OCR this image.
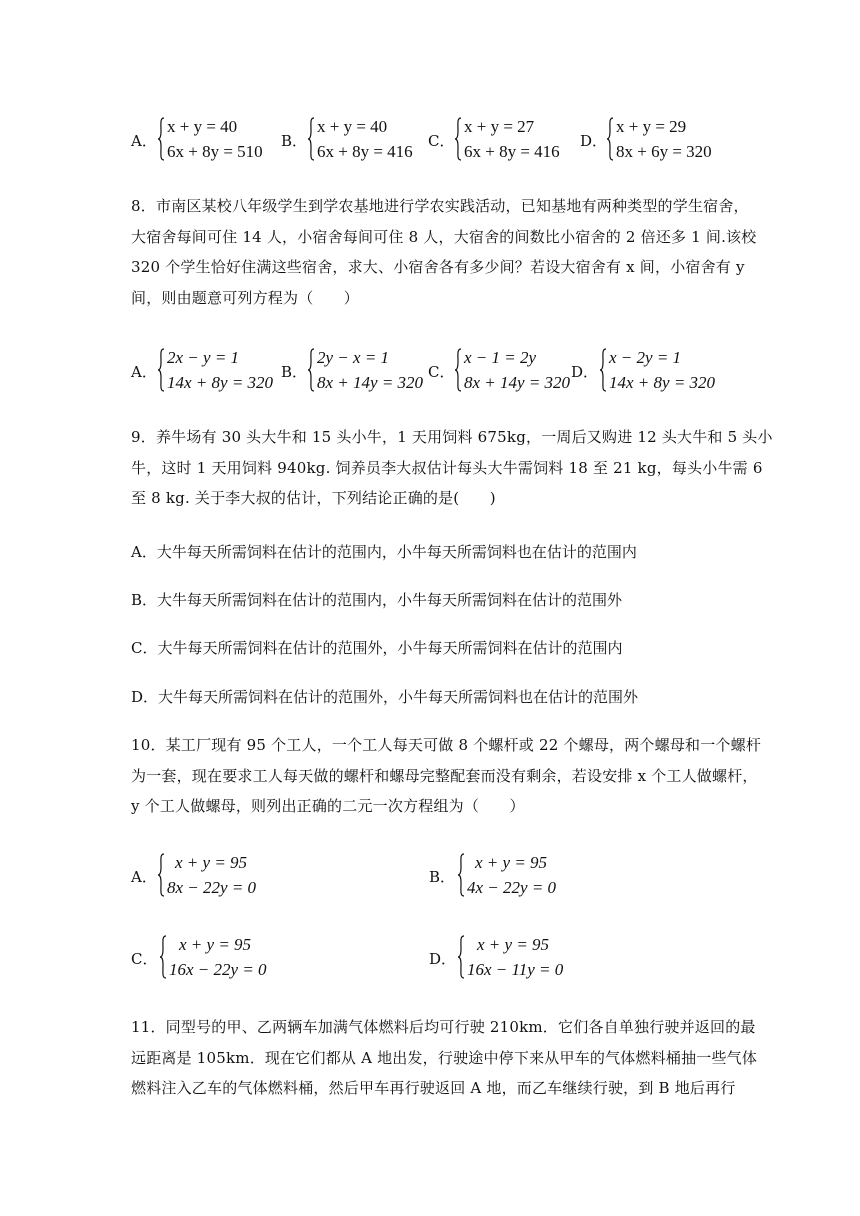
A．
x + y = 40
6x + 8y = 510
B．
x + y = 40
6x + 8y = 416
C．
x + y = 27
6x + 8y = 416
D．
x + y = 29
8x + 6y = 320
8．市南区某校八年级学生到学农基地进行学农实践活动，已知基地有两种类型的学生宿舍，
大宿舍每间可住 14 人，小宿舍每间可住 8 人，大宿舍的间数比小宿舍的 2 倍还多 1 间.该校
320 个学生恰好住满这些宿舍，求大、小宿舍各有多少间？若设大宿舍有 x 间，小宿舍有 y
间，则由题意可列方程为（　　）
A．
2x − y = 1
14x + 8y = 320
B．
2y − x = 1
8x + 14y = 320
C．
x − 1 = 2y
8x + 14y = 320
D．
x − 2y = 1
14x + 8y = 320
9．养牛场有 30 头大牛和 15 头小牛，1 天用饲料 675kg，一周后又购进 12 头大牛和 5 头小
牛，这时 1 天用饲料 940kg. 饲养员李大叔估计每头大牛需饲料 18 至 21 kg，每头小牛需 6
至 8 kg. 关于李大叔的估计，下列结论正确的是(　　)
A．大牛每天所需饲料在估计的范围内，小牛每天所需饲料也在估计的范围内
B．大牛每天所需饲料在估计的范围内，小牛每天所需饲料在估计的范围外
C．大牛每天所需饲料在估计的范围外，小牛每天所需饲料在估计的范围内
D．大牛每天所需饲料在估计的范围外，小牛每天所需饲料也在估计的范围外
10．某工厂现有 95 个工人，一个工人每天可做 8 个螺杆或 22 个螺母，两个螺母和一个螺杆
为一套，现在要求工人每天做的螺杆和螺母完整配套而没有剩余，若设安排 x 个工人做螺杆，
y 个工人做螺母，则列出正确的二元一次方程组为（　　）
A．
x + y = 95
8x − 22y = 0
B．
x + y = 95
4x − 22y = 0
C．
x + y = 95
16x − 22y = 0
D．
x + y = 95
16x − 11y = 0
11．同型号的甲、乙两辆车加满气体燃料后均可行驶 210km．它们各自单独行驶并返回的最
远距离是 105km．现在它们都从 A 地出发，行驶途中停下来从甲车的气体燃料桶抽一些气体
燃料注入乙车的气体燃料桶，然后甲车再行驶返回 A 地，而乙车继续行驶，到 B 地后再行
